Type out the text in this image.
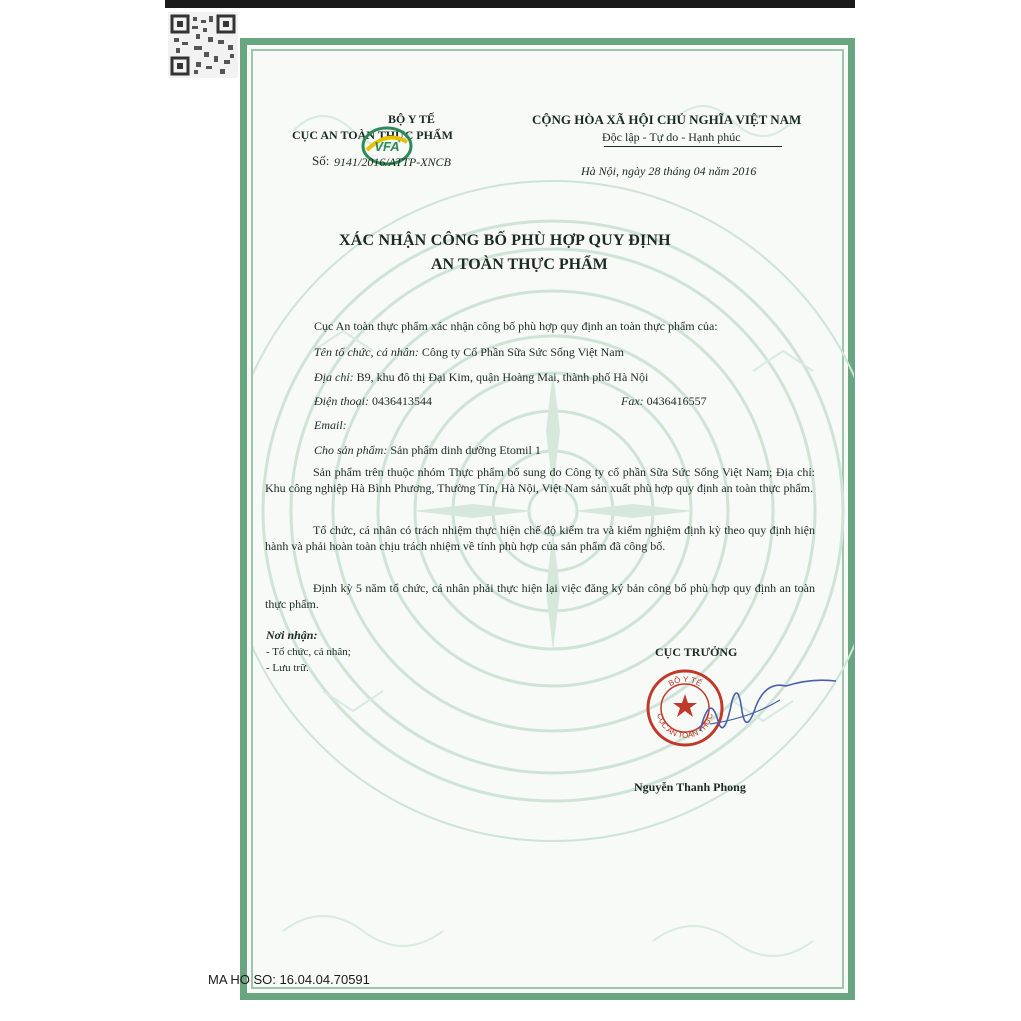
BỘ Y TẾ
CỤC AN TOÀN THỰC PHẨM
VFA
Số: 9141/2016/ATTP-XNCB
CỘNG HÒA XÃ HỘI CHỦ NGHĨA VIỆT NAM
Độc lập - Tự do - Hạnh phúc
Hà Nội, ngày 28 tháng 04 năm 2016
XÁC NHẬN CÔNG BỐ PHÙ HỢP QUY ĐỊNH
AN TOÀN THỰC PHẨM
Cục An toàn thực phẩm xác nhận công bố phù hợp quy định an toàn thực phẩm của:
Tên tổ chức, cá nhân: Công ty Cổ Phần Sữa Sức Sống Việt Nam
Địa chỉ: B9, khu đô thị Đại Kim, quận Hoàng Mai, thành phố Hà Nội
Điện thoại: 0436413544	Fax: 0436416557
Email:
Cho sản phẩm: Sản phẩm dinh dưỡng Etomil 1
Sản phẩm trên thuộc nhóm Thực phẩm bổ sung do Công ty cổ phần Sữa Sức Sống Việt Nam; Địa chỉ: Khu công nghiệp Hà Bình Phương, Thường Tín, Hà Nội, Việt Nam sản xuất phù hợp quy định an toàn thực phẩm.
Tổ chức, cá nhân có trách nhiệm thực hiện chế độ kiểm tra và kiểm nghiệm định kỳ theo quy định hiện hành và phải hoàn toàn chịu trách nhiệm về tính phù hợp của sản phẩm đã công bố.
Định kỳ 5 năm tổ chức, cá nhân phải thực hiện lại việc đăng ký bản công bố phù hợp quy định an toàn thực phẩm.
Nơi nhận:
- Tổ chức, cá nhân;
- Lưu trữ.
CỤC TRƯỞNG
BỘ Y TẾ
CỤC AN TOÀN THỰC
Nguyễn Thanh Phong
MA HO SO: 16.04.04.70591
